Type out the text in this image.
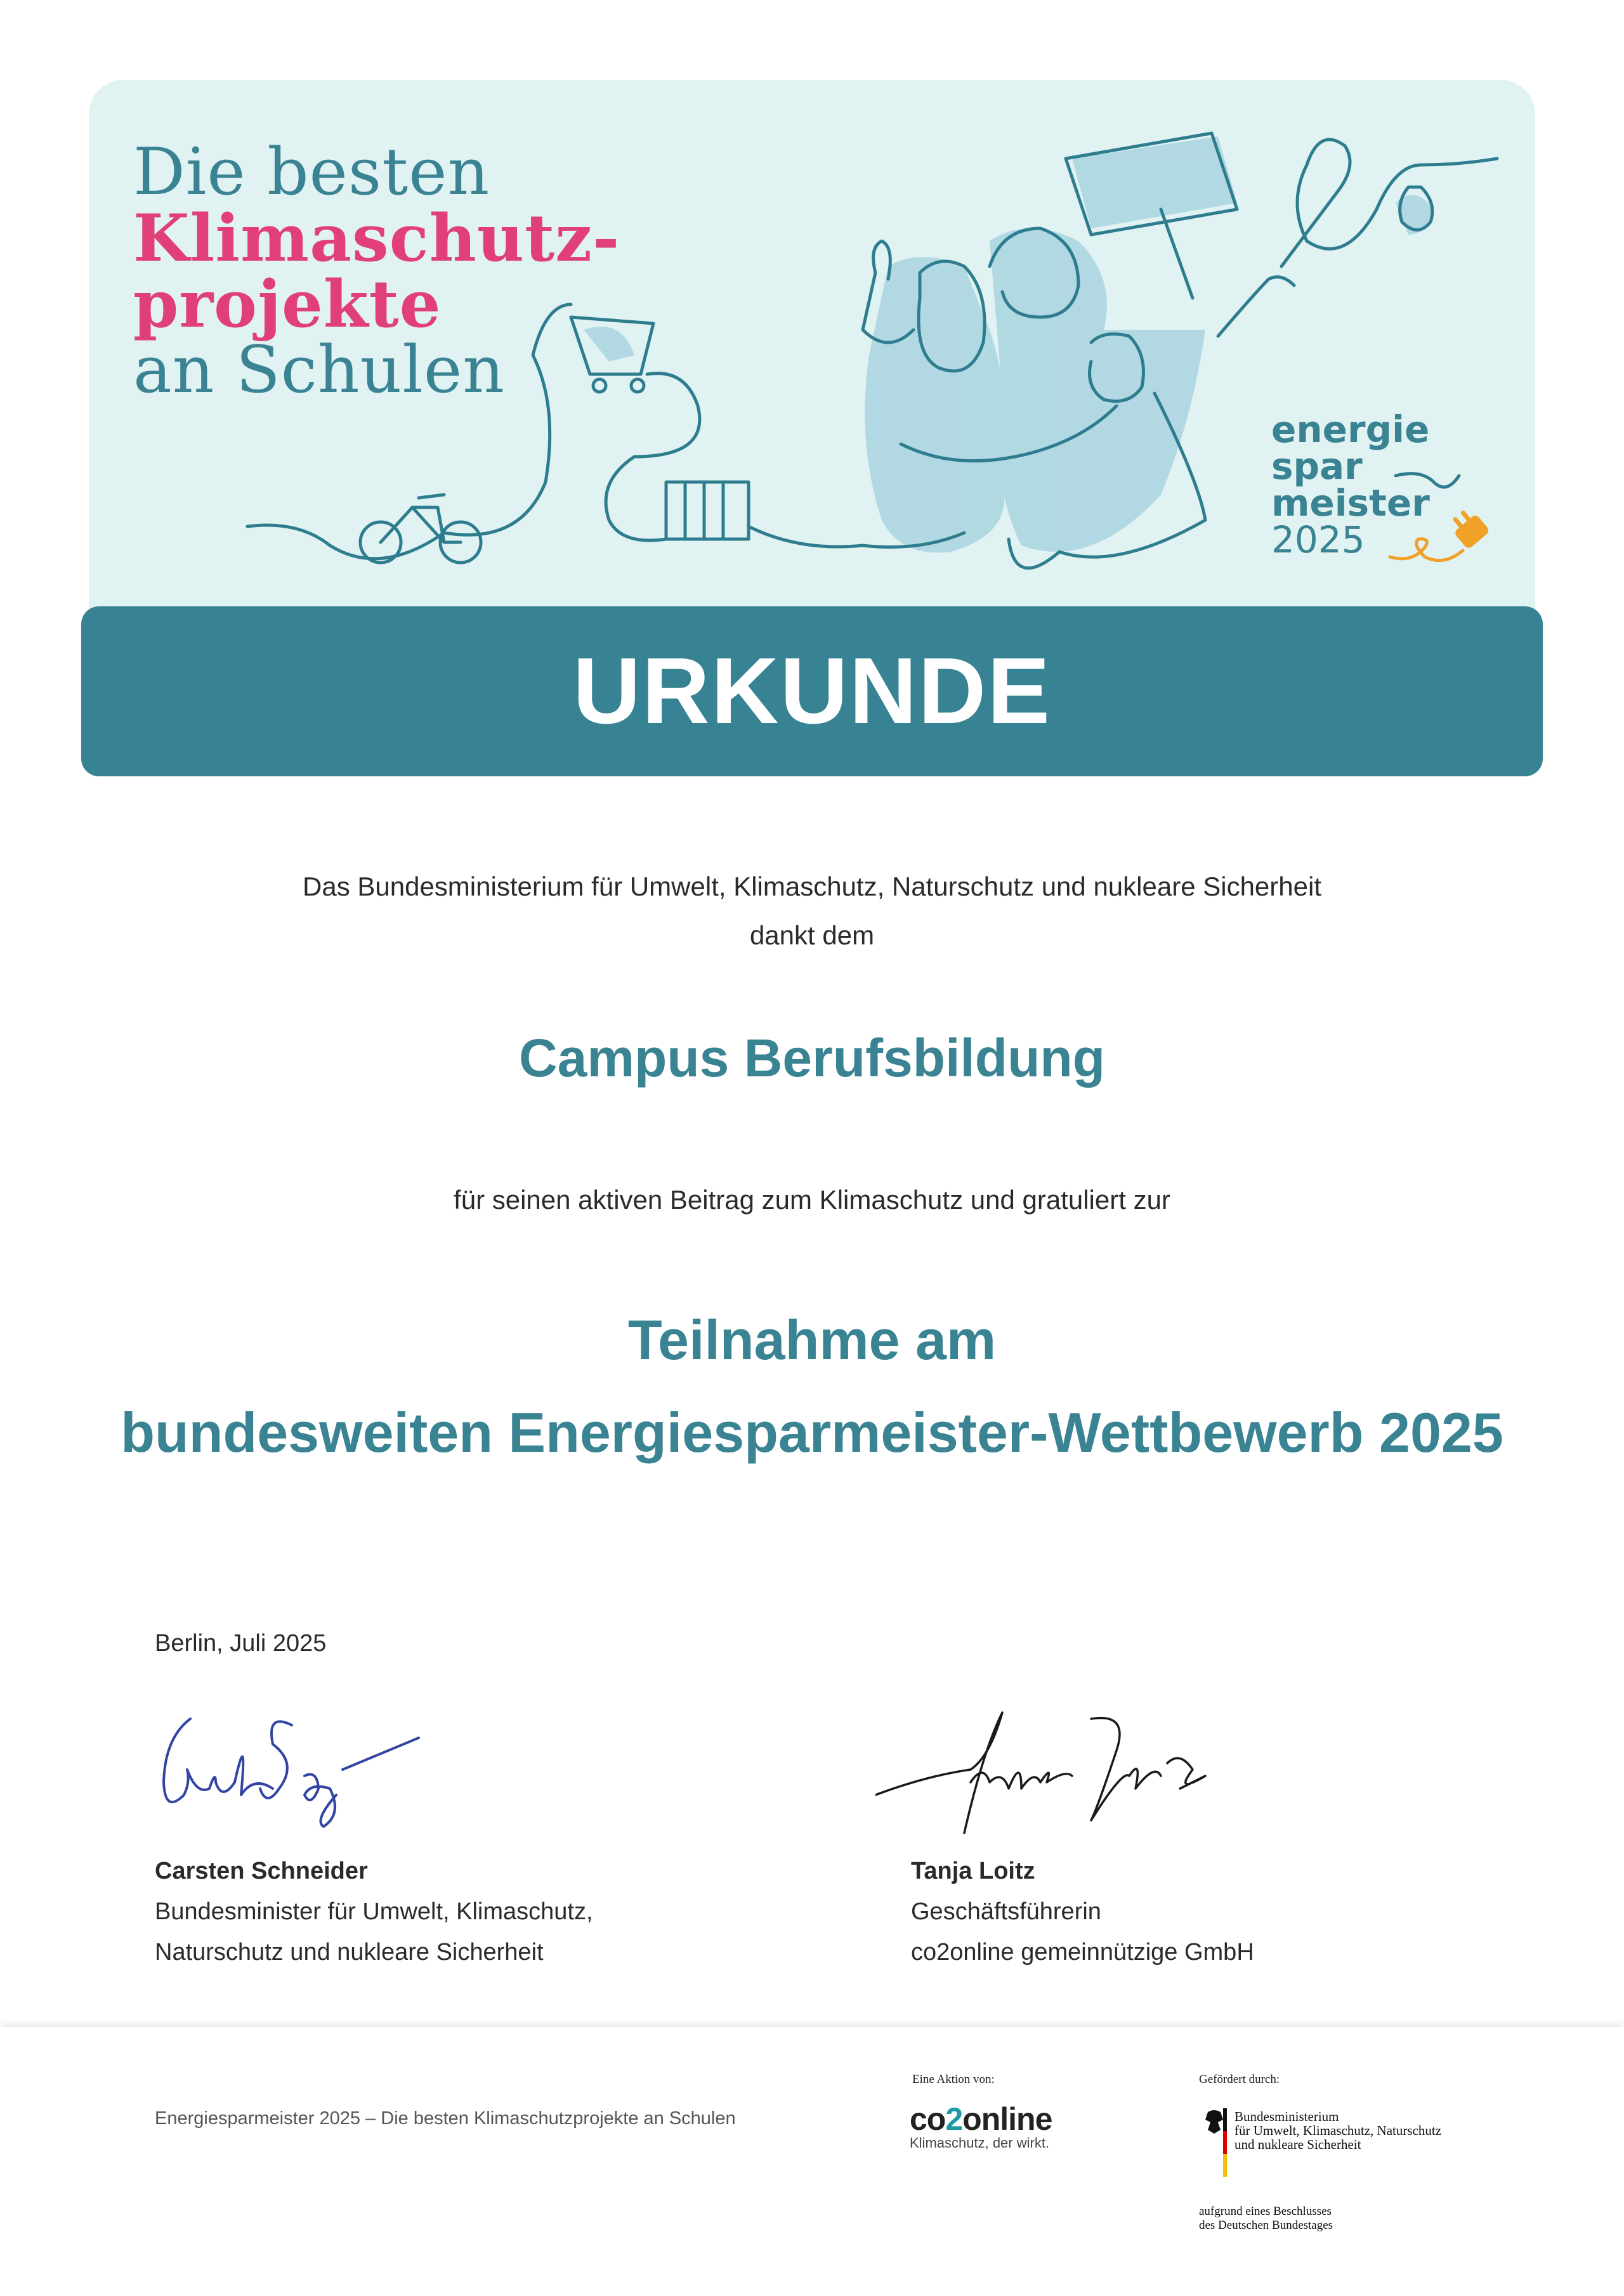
Die besten
Klimaschutz-
projekte
an Schulen
energie
spar
meister
2025
URKUNDE
Das Bundesministerium für Umwelt, Klimaschutz, Naturschutz und nukleare Sicherheit
dankt dem
Campus Berufsbildung
für seinen aktiven Beitrag zum Klimaschutz und gratuliert zur
Teilnahme am
bundesweiten Energiesparmeister-Wettbewerb 2025
Berlin, Juli 2025
Carsten Schneider
Bundesminister für Umwelt, Klimaschutz,
Naturschutz und nukleare Sicherheit
Tanja Loitz
Geschäftsführerin
co2online gemeinnützige GmbH
Energiesparmeister 2025 – Die besten Klimaschutzprojekte an Schulen
Eine Aktion von:
co2online
Klimaschutz, der wirkt.
Gefördert durch:
Bundesministerium
für Umwelt, Klimaschutz, Naturschutz
und nukleare Sicherheit
aufgrund eines Beschlusses
des Deutschen Bundestages
